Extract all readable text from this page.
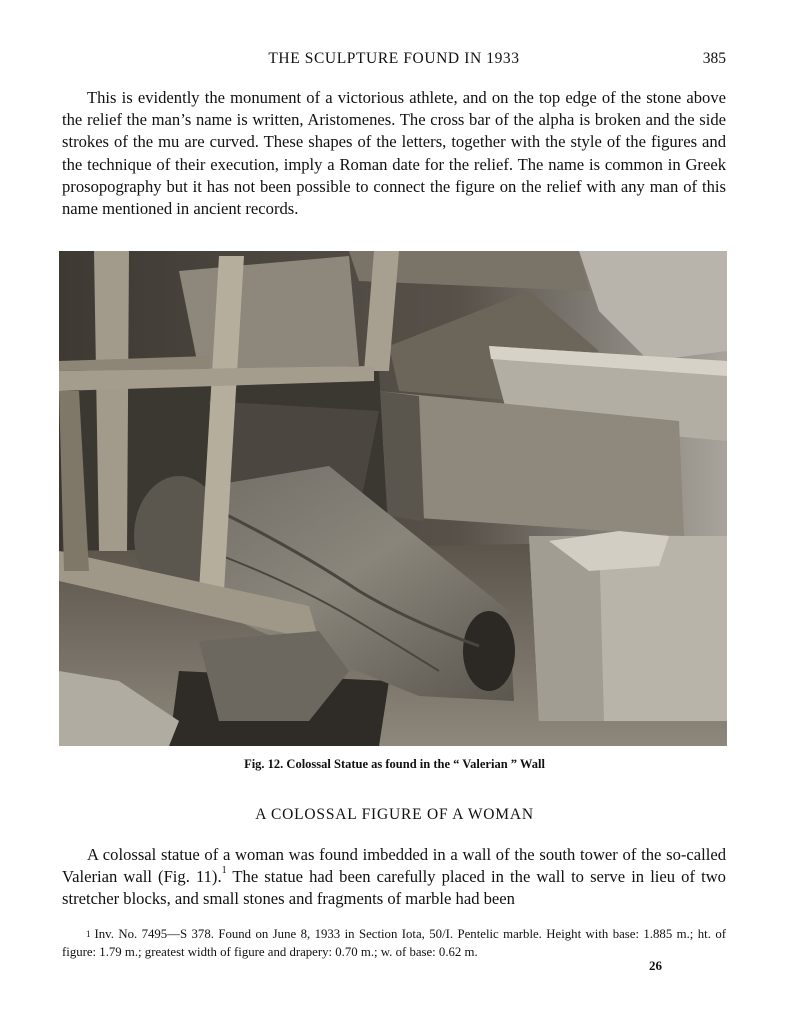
THE SCULPTURE FOUND IN 1933	385

This is evidently the monument of a victorious athlete, and on the top edge of the stone above the relief the man’s name is written, Aristomenes. The cross bar of the alpha is broken and the side strokes of the mu are curved. These shapes of the letters, together with the style of the figures and the technique of their execution, imply a Roman date for the relief. The name is common in Greek prosopography but it has not been possible to connect the figure on the relief with any man of this name mentioned in ancient records.

Fig. 12. Colossal Statue as found in the “ Valerian ” Wall
A COLOSSAL FIGURE OF A WOMAN

A colossal statue of a woman was found imbedded in a wall of the south tower of the so-called Valerian wall (Fig. 11).$^1$ The statue had been carefully placed in the wall to serve in lieu of two stretcher blocks, and small stones and fragments of marble had been

$^1$ Inv. No. 7495—S 378. Found on June 8, 1933 in Section Iota, 50/I. Pentelic marble. Height with base: 1.885 m.; ht. of figure: 1.79 m.; greatest width of figure and drapery: 0.70 m.; w. of base: 0.62 m.

26
